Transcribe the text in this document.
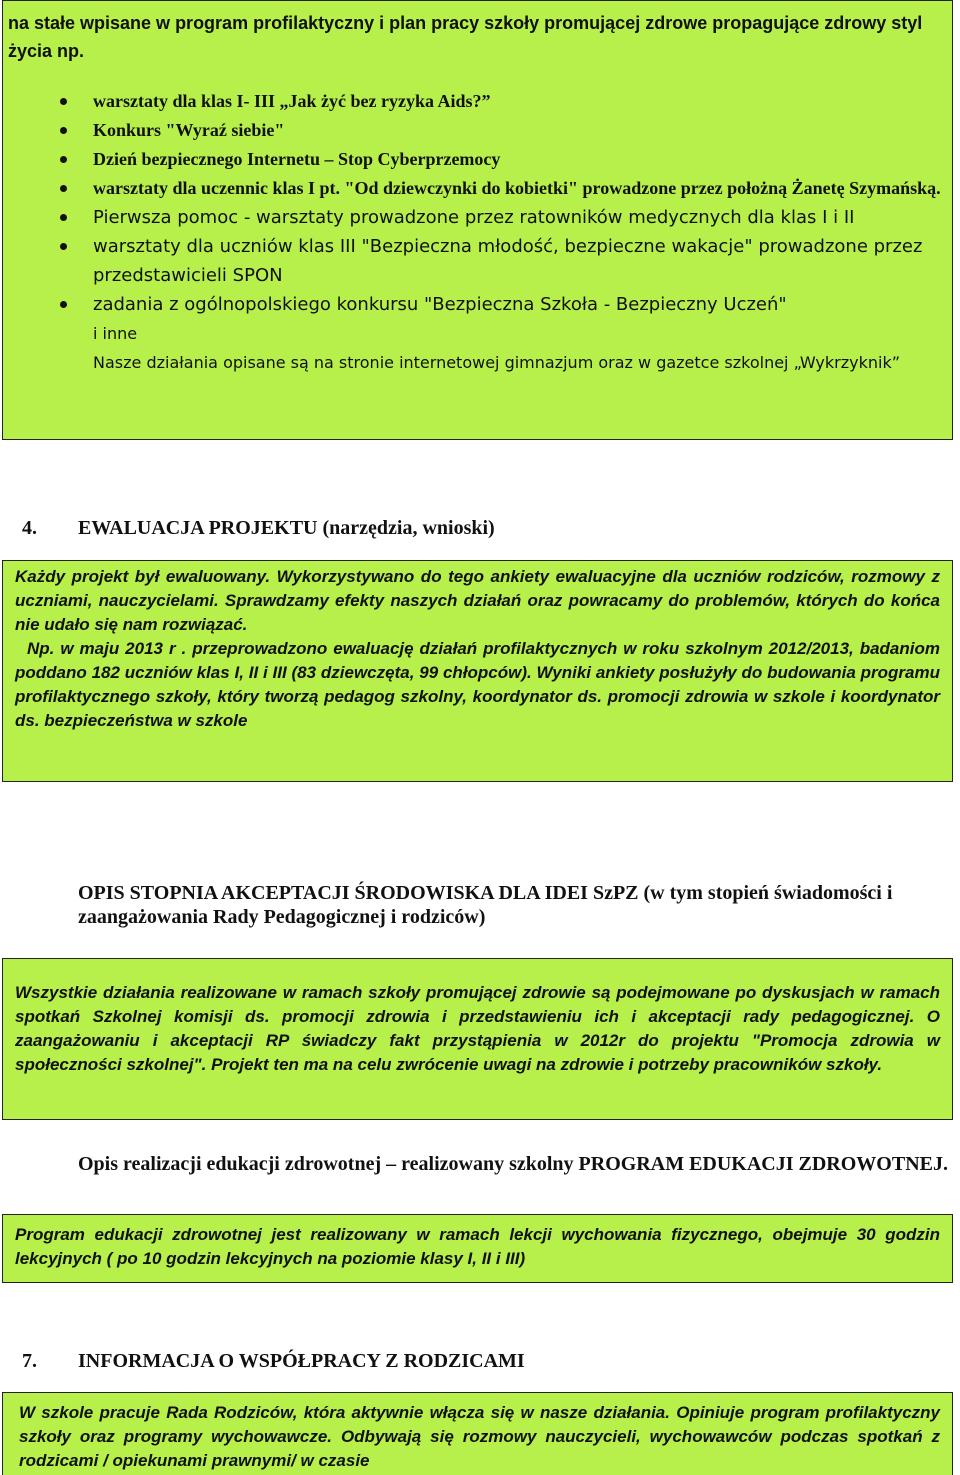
na stałe wpisane w program profilaktyczny i plan pracy szkoły promującej zdrowe propagujące zdrowy styl życia np.

warsztaty dla klas I- III „Jak żyć bez ryzyka Aids?”
Konkurs "Wyraź siebie"
Dzień bezpiecznego Internetu – Stop Cyberprzemocy
warsztaty dla uczennic klas I pt. "Od dziewczynki do kobietki" prowadzone przez położną Żanetę Szymańską.
Pierwsza pomoc - warsztaty prowadzone przez ratowników medycznych dla klas I i II
warsztaty dla uczniów klas III "Bezpieczna młodość, bezpieczne wakacje" prowadzone przez przedstawicieli SPON
zadania z ogólnopolskiego konkursu "Bezpieczna Szkoła - Bezpieczny Uczeń"

i inne

Nasze działania opisane są na stronie internetowej gimnazjum oraz w gazetce szkolnej „Wykrzyknik”

4. EWALUACJA PROJEKTU (narzędzia, wnioski)

Każdy projekt był ewaluowany. Wykorzystywano do tego ankiety ewaluacyjne dla uczniów rodziców, rozmowy z uczniami, nauczycielami. Sprawdzamy efekty naszych działań oraz powracamy do problemów, których do końca nie udało się nam rozwiązać.

Np. w maju 2013 r . przeprowadzono ewaluację działań profilaktycznych w roku szkolnym 2012/2013, badaniom poddano 182 uczniów klas I, II i III (83 dziewczęta, 99 chłopców). Wyniki ankiety posłużyły do budowania programu profilaktycznego szkoły, który tworzą pedagog szkolny, koordynator ds. promocji zdrowia w szkole i koordynator ds. bezpieczeństwa w szkole

OPIS STOPNIA AKCEPTACJI ŚRODOWISKA DLA IDEI SzPZ (w tym stopień świadomości i zaangażowania Rady Pedagogicznej i rodziców)

Wszystkie działania realizowane w ramach szkoły promującej zdrowie są podejmowane po dyskusjach w ramach spotkań Szkolnej komisji ds. promocji zdrowia i przedstawieniu ich i akceptacji rady pedagogicznej. O zaangażowaniu i akceptacji RP świadczy fakt przystąpienia w 2012r do projektu "Promocja zdrowia w społeczności szkolnej". Projekt ten ma na celu zwrócenie uwagi na zdrowie i potrzeby pracowników szkoły.

Opis realizacji edukacji zdrowotnej – realizowany szkolny PROGRAM EDUKACJI ZDROWOTNEJ.

Program edukacji zdrowotnej jest realizowany w ramach lekcji wychowania fizycznego, obejmuje 30 godzin lekcyjnych ( po 10 godzin lekcyjnych na poziomie klasy I, II i III)

7. INFORMACJA O WSPÓŁPRACY Z RODZICAMI

W szkole pracuje Rada Rodziców, która aktywnie włącza się w nasze działania. Opiniuje program profilaktyczny szkoły oraz programy wychowawcze. Odbywają się rozmowy nauczycieli, wychowawców podczas spotkań z rodzicami / opiekunami prawnymi/ w czasie
